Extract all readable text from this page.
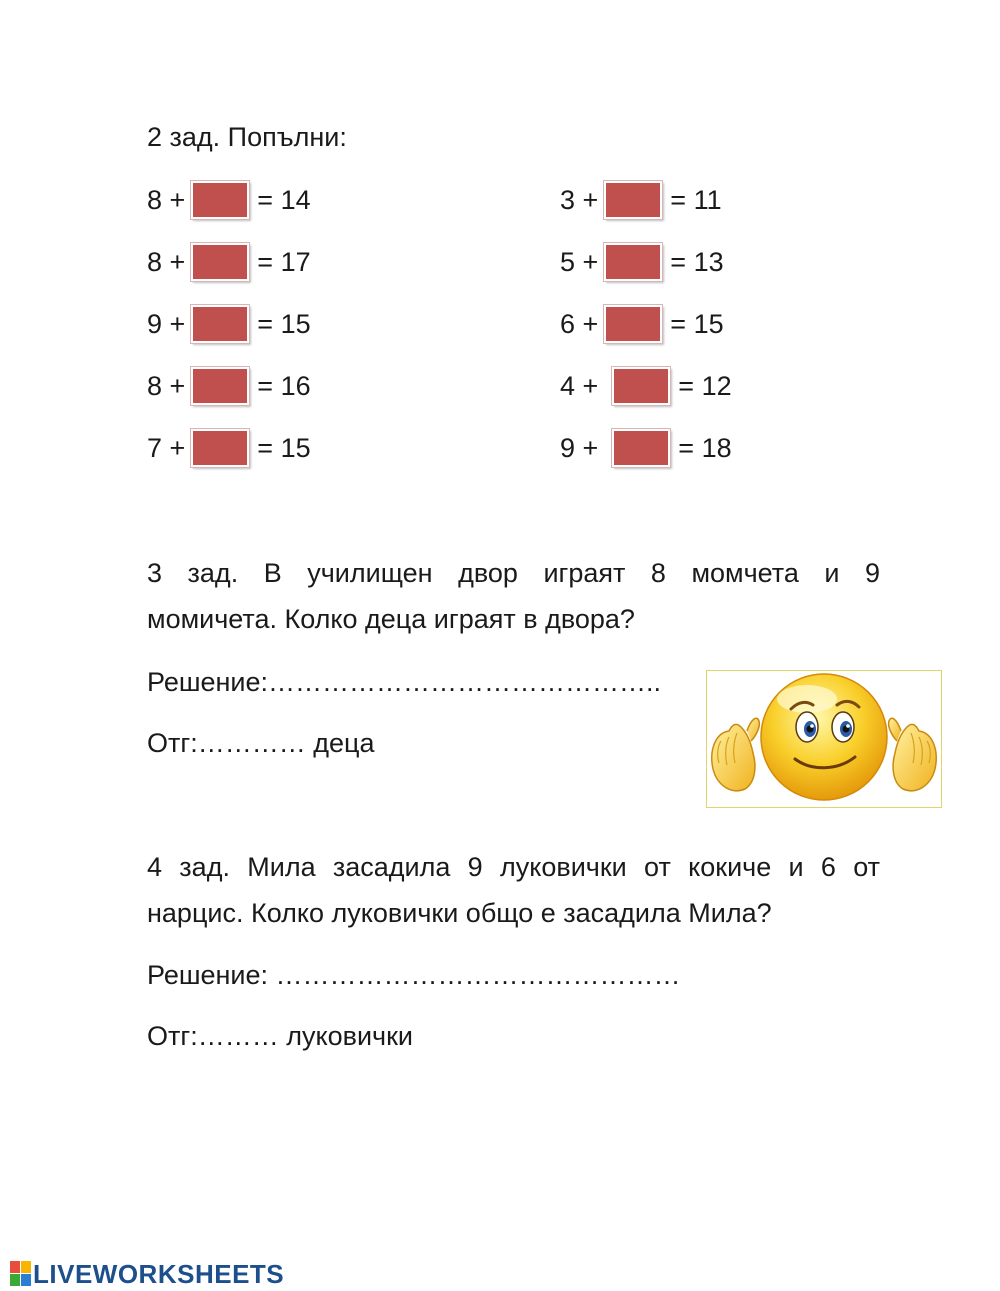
2 зад. Попълни:
8 +	= 14
8 +	= 17
9 +	= 15
8 +	= 16
7 +	= 15
3 +	= 11
5 +	= 13
6 +	= 15
4 +	= 12
9 +	= 18
3 зад. В училищен двор играят 8 момчета и 9
момичета. Колко деца играят в двора?
Решение:……………………………………..
Отг:………… деца
4 зад. Мила засадила 9 луковички от кокиче и 6 от
нарцис. Колко луковички общо е засадила Мила?
Решение: ………………………………………
Отг:……… луковички
LIVEWORKSHEETS
